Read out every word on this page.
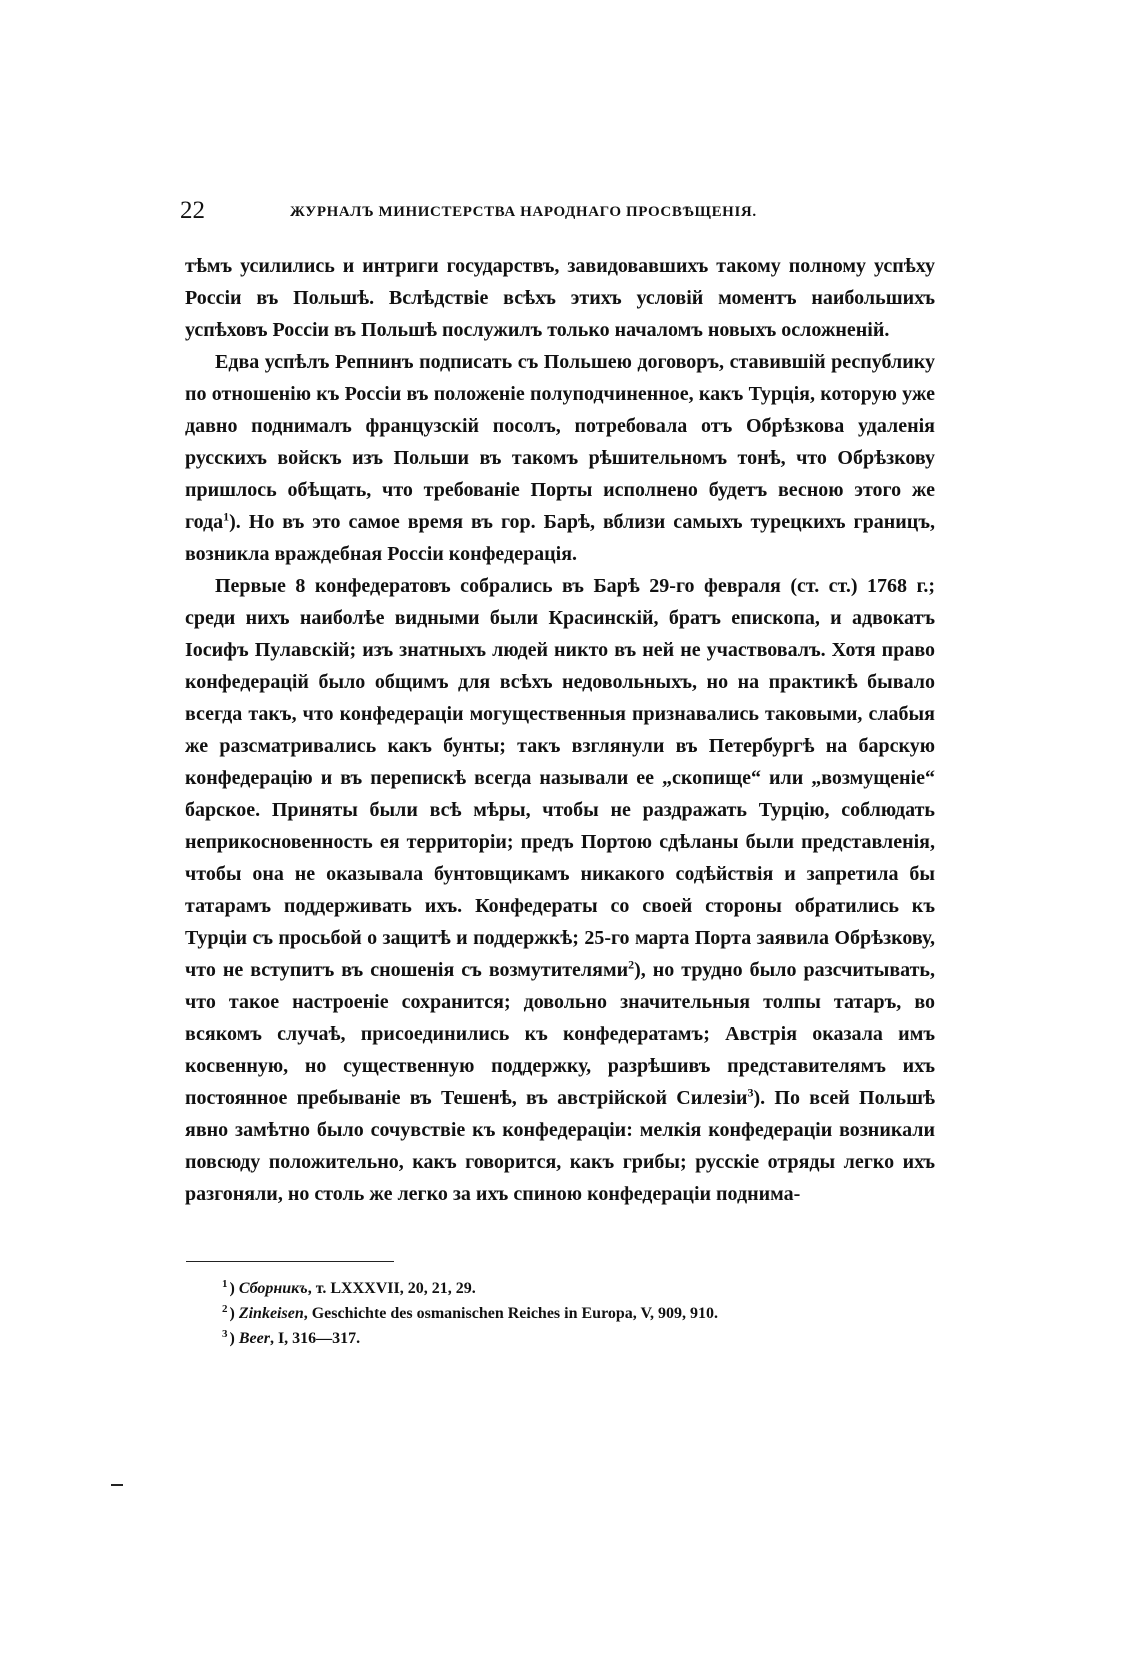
22	ЖУРНАЛЪ МИНИСТЕРСТВА НАРОДНАГО ПРОСВѢЩЕНІЯ.

тѣмъ усилились и интриги государствъ, завидовавшихъ такому полному успѣху Россіи въ Польшѣ. Вслѣдствіе всѣхъ этихъ условій моментъ наибольшихъ успѣховъ Россіи въ Польшѣ послужилъ только началомъ новыхъ осложненій.

Едва успѣлъ Репнинъ подписать съ Польшею договоръ, ставившій республику по отношенію къ Россіи въ положеніе полуподчиненное, какъ Турція, которую уже давно поднималъ французскій посолъ, потребовала отъ Обрѣзкова удаленія русскихъ войскъ изъ Польши въ такомъ рѣшительномъ тонѣ, что Обрѣзкову пришлось обѣщать, что требованіе Порты исполнено будетъ весною этого же года$^1$). Но въ это самое время въ гор. Барѣ, вблизи самыхъ турецкихъ границъ, возникла враждебная Россіи конфедерація.

Первые 8 конфедератовъ собрались въ Барѣ 29-го февраля (ст. ст.) 1768 г.; среди нихъ наиболѣе видными были Красинскій, братъ епископа, и адвокатъ Іосифъ Пулавскій; изъ знатныхъ людей никто въ ней не участвовалъ. Хотя право конфедерацій было общимъ для всѣхъ недовольныхъ, но на практикѣ бывало всегда такъ, что конфедераціи могущественныя признавались таковыми, слабыя же разсматривались какъ бунты; такъ взглянули въ Петербургѣ на барскую конфедерацію и въ перепискѣ всегда называли ее „скопище“ или „возмущеніе“ барское. Приняты были всѣ мѣры, чтобы не раздражать Турцію, соблюдать неприкосновенность ея территоріи; предъ Портою сдѣланы были представленія, чтобы она не оказывала бунтовщикамъ никакого содѣйствія и запретила бы татарамъ поддерживать ихъ. Конфедераты со своей стороны обратились къ Турціи съ просьбой о защитѣ и поддержкѣ; 25-го марта Порта заявила Обрѣзкову, что не вступитъ въ сношенія съ возмутителями$^2$), но трудно было разсчитывать, что такое настроеніе сохранится; довольно значительныя толпы татаръ, во всякомъ случаѣ, присоединились къ конфедератамъ; Австрія оказала имъ косвенную, но существенную поддержку, разрѣшивъ представителямъ ихъ постоянное пребываніе въ Тешенѣ, въ австрійской Силезіи$^3$). По всей Польшѣ явно замѣтно было сочувствіе къ конфедераціи: мелкія конфедераціи возникали повсюду положительно, какъ говорится, какъ грибы; русскіе отряды легко ихъ разгоняли, но столь же легко за ихъ спиною конфедераціи поднима-

$^1$ ) Сборникъ, т. LXXXVII, 20, 21, 29.
$^2$ ) Zinkeisen, Geschichte des osmanischen Reiches in Europa, V, 909, 910.
$^3$ ) Beer, I, 316—317.
